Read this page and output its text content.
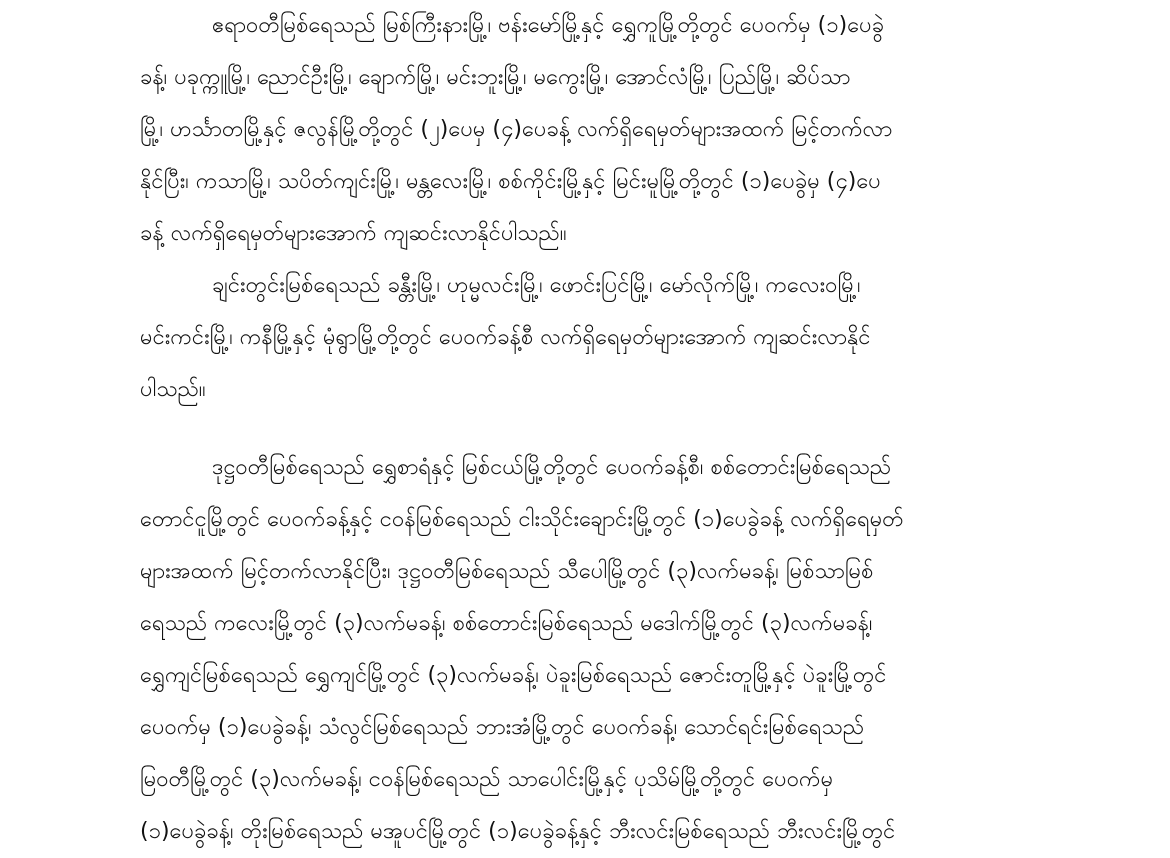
ဧရာဝတီမြစ်ရေသည် မြစ်ကြီးနားမြို့၊ ဗန်းမော်မြို့နှင့် ရွှေကူမြို့တို့တွင် ပေဝက်မှ (၁)ပေခွဲ
ခန့်၊ ပခုက္ကူမြို့၊ ညောင်ဦးမြို့၊ ချောက်မြို့၊ မင်းဘူးမြို့၊ မကွေးမြို့၊ အောင်လံမြို့၊ ပြည်မြို့၊ ဆိပ်သာ
မြို့၊ ဟင်္သာတမြို့နှင့် ဇလွန်မြို့တို့တွင် (၂)ပေမှ (၄)ပေခန့် လက်ရှိရေမှတ်များအထက် မြင့်တက်လာ
နိုင်ပြီး၊ ကသာမြို့၊ သပိတ်ကျင်းမြို့၊ မန္တလေးမြို့၊ စစ်ကိုင်းမြို့နှင့် မြင်းမူမြို့တို့တွင် (၁)ပေခွဲမှ (၄)ပေ
ခန့် လက်ရှိရေမှတ်များအောက် ကျဆင်းလာနိုင်ပါသည်။
ချင်းတွင်းမြစ်ရေသည် ခန္တီးမြို့၊ ဟုမ္မလင်းမြို့၊ ဖောင်းပြင်မြို့၊ မော်လိုက်မြို့၊ ကလေးဝမြို့၊
မင်းကင်းမြို့၊ ကနီမြို့နှင့် မုံရွာမြို့တို့တွင် ပေဝက်ခန့်စီ လက်ရှိရေမှတ်များအောက် ကျဆင်းလာနိုင်
ပါသည်။
ဒုဋ္ဌဝတီမြစ်ရေသည် ရွှေစာရံနှင့် မြစ်ငယ်မြို့တို့တွင် ပေဝက်ခန့်စီ၊ စစ်တောင်းမြစ်ရေသည်
တောင်ငူမြို့တွင် ပေဝက်ခန့်နှင့် ငဝန်မြစ်ရေသည် ငါးသိုင်းချောင်းမြို့တွင် (၁)ပေခွဲခန့် လက်ရှိရေမှတ်
များအထက် မြင့်တက်လာနိုင်ပြီး၊ ဒုဋ္ဌဝတီမြစ်ရေသည် သီပေါမြို့တွင် (၃)လက်မခန့်၊ မြစ်သာမြစ်
ရေသည် ကလေးမြို့တွင် (၃)လက်မခန့်၊ စစ်တောင်းမြစ်ရေသည် မဒေါက်မြို့တွင် (၃)လက်မခန့်၊
ရွှေကျင်မြစ်ရေသည် ရွှေကျင်မြို့တွင် (၃)လက်မခန့်၊ ပဲခူးမြစ်ရေသည် ဇောင်းတူမြို့နှင့် ပဲခူးမြို့တွင်
ပေဝက်မှ (၁)ပေခွဲခန့်၊ သံလွင်မြစ်ရေသည် ဘားအံမြို့တွင် ပေဝက်ခန့်၊ သောင်ရင်းမြစ်ရေသည်
မြဝတီမြို့တွင် (၃)လက်မခန့်၊ ငဝန်မြစ်ရေသည် သာပေါင်းမြို့နှင့် ပုသိမ်မြို့တို့တွင် ပေဝက်မှ
(၁)ပေခွဲခန့်၊ တိုးမြစ်ရေသည် မအူပင်မြို့တွင် (၁)ပေခွဲခန့်နှင့် ဘီးလင်းမြစ်ရေသည် ဘီးလင်းမြို့တွင်
